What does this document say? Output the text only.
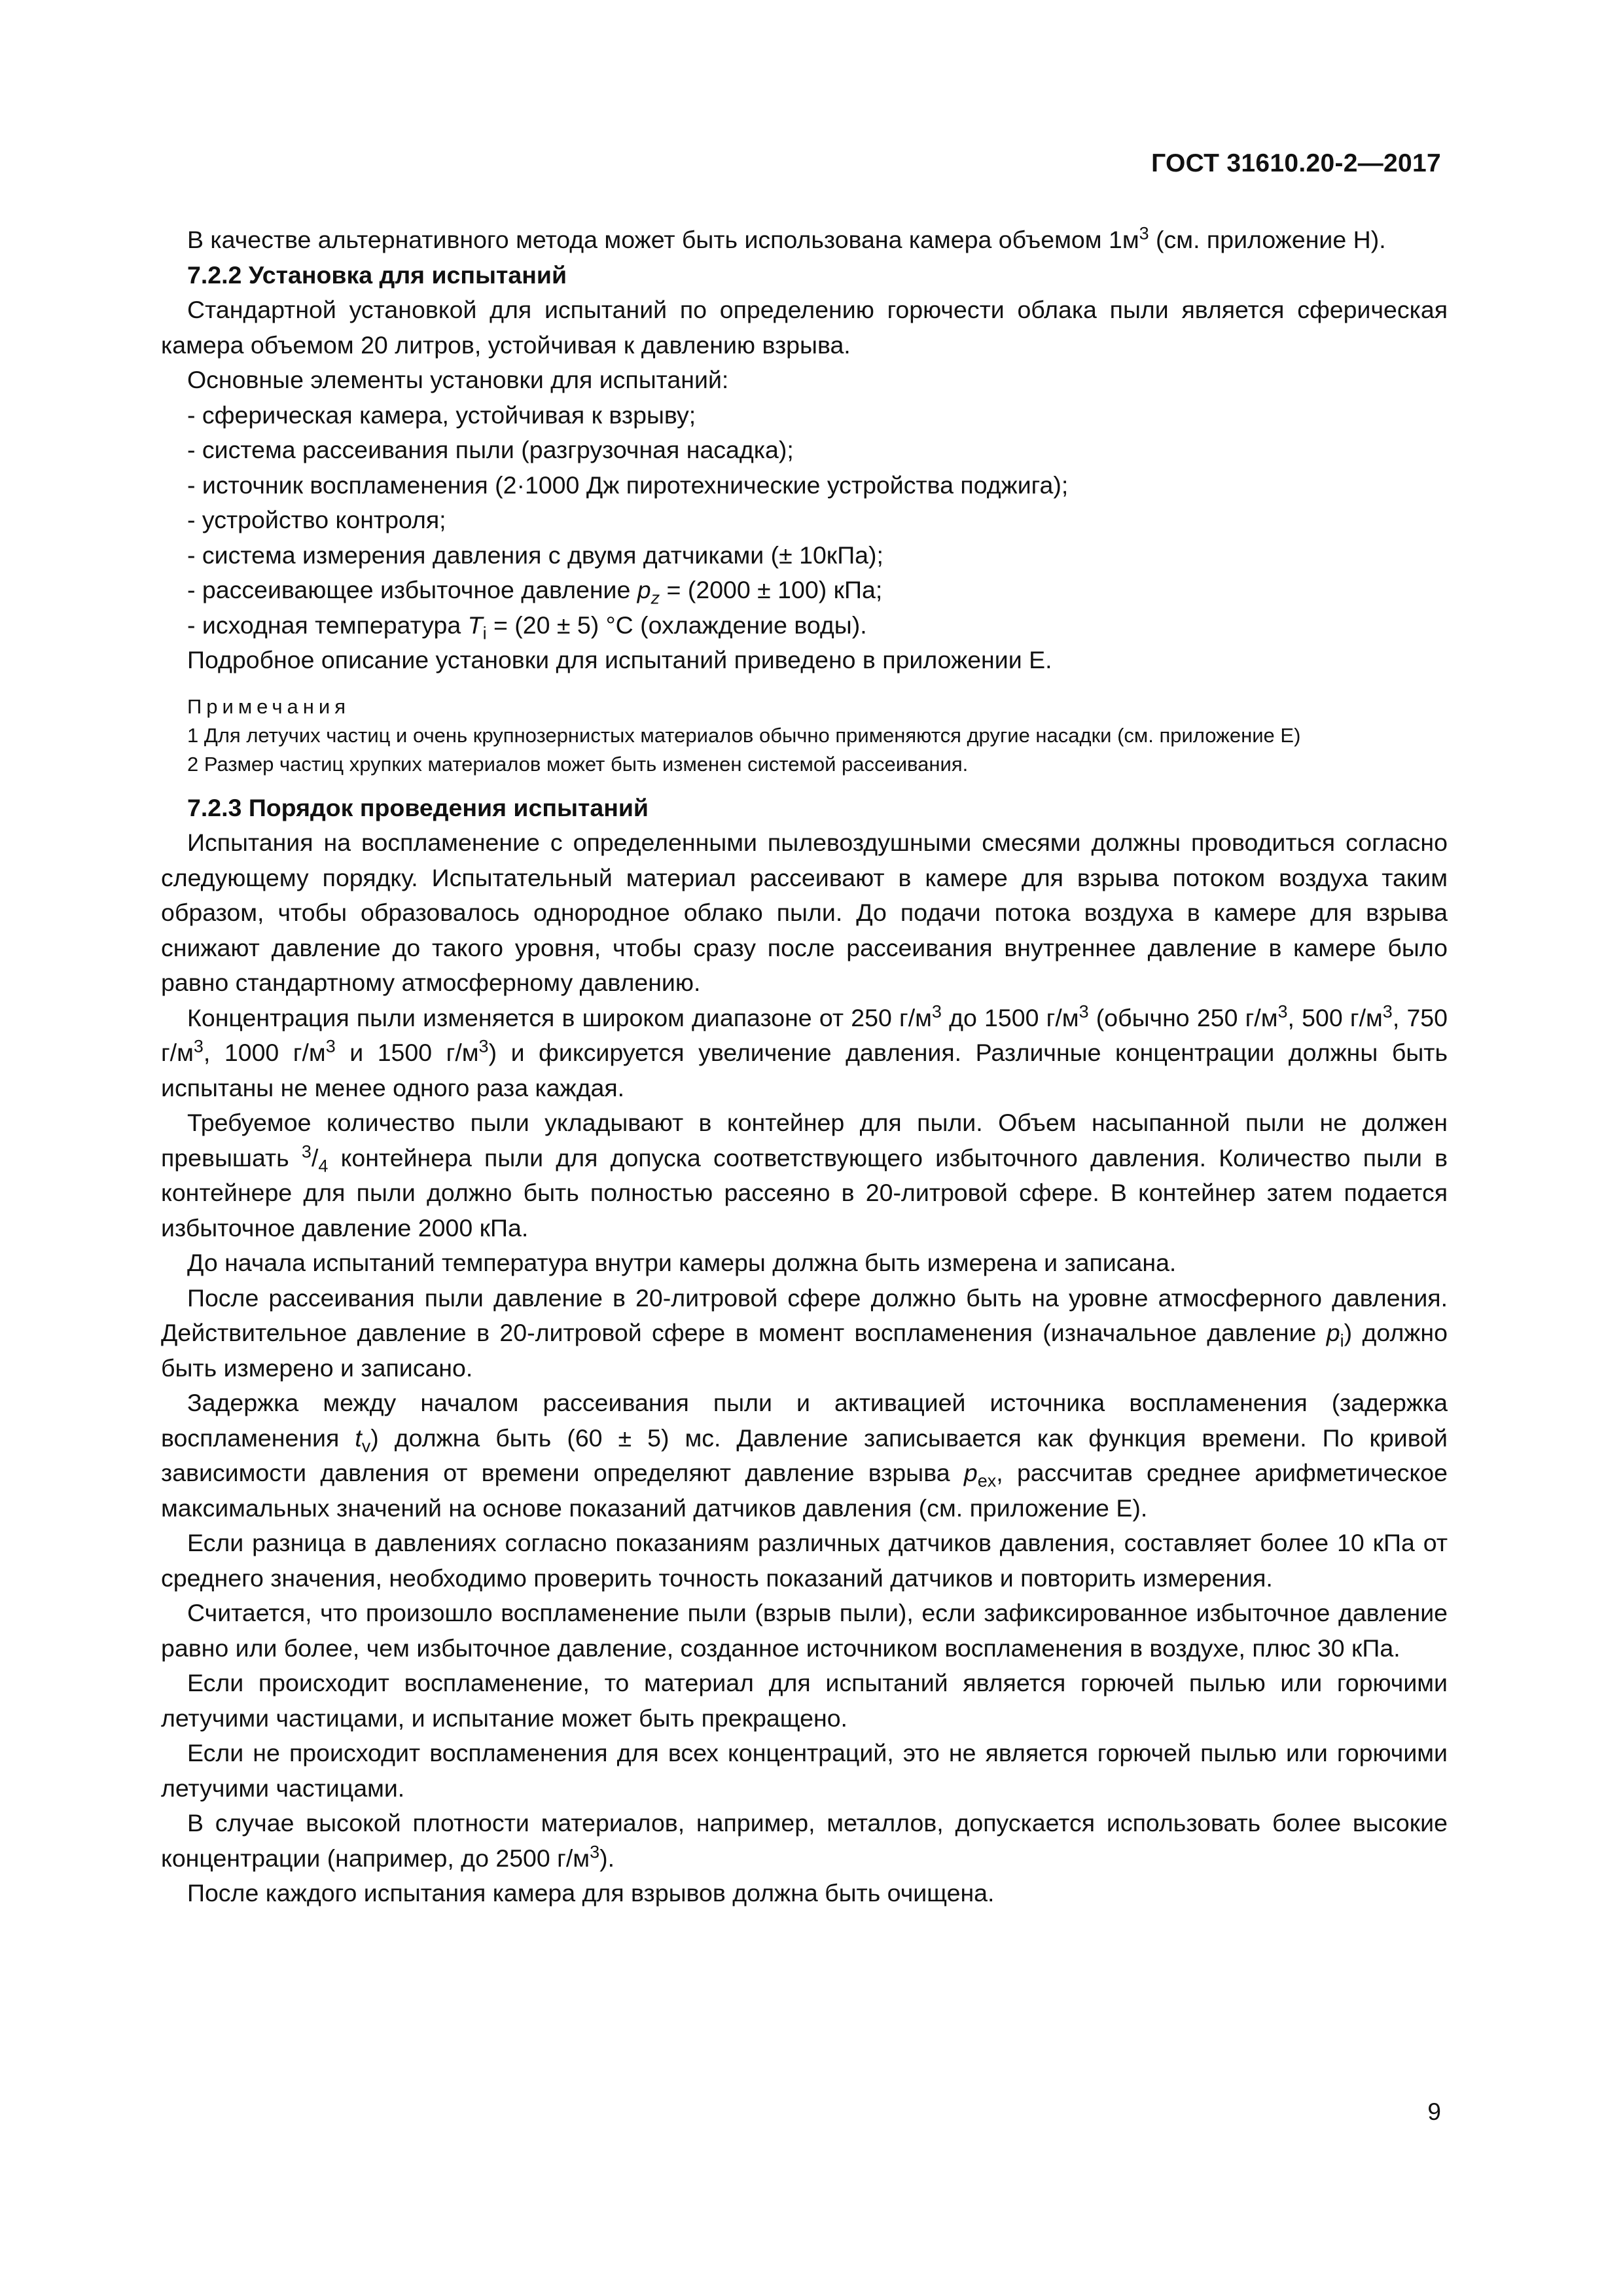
ГОСТ 31610.20-2—2017

В качестве альтернативного метода может быть использована камера объемом $1м^3$ (см. приложение Н).

7.2.2 Установка для испытаний

Стандартной установкой для испытаний по определению горючести облака пыли является сферическая камера объемом 20 литров, устойчивая к давлению взрыва.

Основные элементы установки для испытаний:

- сферическая камера, устойчивая к взрыву;
- система рассеивания пыли (разгрузочная насадка);
- источник воспламенения (2·1000 Дж пиротехнические устройства поджига);
- устройство контроля;
- система измерения давления с двумя датчиками (± 10кПа);
- рассеивающее избыточное давление $p_z = (2000 \pm 100)$ кПа;
- исходная температура $T_i = (20 \pm 5)$ °С (охлаждение воды).

Подробное описание установки для испытаний приведено в приложении Е.

Примечания

1 Для летучих частиц и очень крупнозернистых материалов обычно применяются другие насадки (см. приложение Е)

2 Размер частиц хрупких материалов может быть изменен системой рассеивания.

7.2.3 Порядок проведения испытаний

Испытания на воспламенение с определенными пылевоздушными смесями должны проводиться согласно следующему порядку. Испытательный материал рассеивают в камере для взрыва потоком воздуха таким образом, чтобы образовалось однородное облако пыли. До подачи потока воздуха в камере для взрыва снижают давление до такого уровня, чтобы сразу после рассеивания внутреннее давление в камере было равно стандартному атмосферному давлению.

Концентрация пыли изменяется в широком диапазоне от 250 $г/м^3$ до 1500 $г/м^3$ (обычно 250 $г/м^3$, 500 $г/м^3$, 750 $г/м^3$, 1000 $г/м^3$ и 1500 $г/м^3$) и фиксируется увеличение давления. Различные концентрации должны быть испытаны не менее одного раза каждая.

Требуемое количество пыли укладывают в контейнер для пыли. Объем насыпанной пыли не должен превышать $^3/_4$ контейнера пыли для допуска соответствующего избыточного давления. Количество пыли в контейнере для пыли должно быть полностью рассеяно в 20-литровой сфере. В контейнер затем подается избыточное давление 2000 кПа.

До начала испытаний температура внутри камеры должна быть измерена и записана.

После рассеивания пыли давление в 20-литровой сфере должно быть на уровне атмосферного давления. Действительное давление в 20-литровой сфере в момент воспламенения (изначальное давление $p_i$) должно быть измерено и записано.

Задержка между началом рассеивания пыли и активацией источника воспламенения (задержка воспламенения $t_v$) должна быть (60 ± 5) мс. Давление записывается как функция времени. По кривой зависимости давления от времени определяют давление взрыва $p_{ex}$, рассчитав среднее арифметическое максимальных значений на основе показаний датчиков давления (см. приложение Е).

Если разница в давлениях согласно показаниям различных датчиков давления, составляет более 10 кПа от среднего значения, необходимо проверить точность показаний датчиков и повторить измерения.

Считается, что произошло воспламенение пыли (взрыв пыли), если зафиксированное избыточное давление равно или более, чем избыточное давление, созданное источником воспламенения в воздухе, плюс 30 кПа.

Если происходит воспламенение, то материал для испытаний является горючей пылью или горючими летучими частицами, и испытание может быть прекращено.

Если не происходит воспламенения для всех концентраций, это не является горючей пылью или горючими летучими частицами.

В случае высокой плотности материалов, например, металлов, допускается использовать более высокие концентрации (например, до 2500 $г/м^3$).

После каждого испытания камера для взрывов должна быть очищена.

9
